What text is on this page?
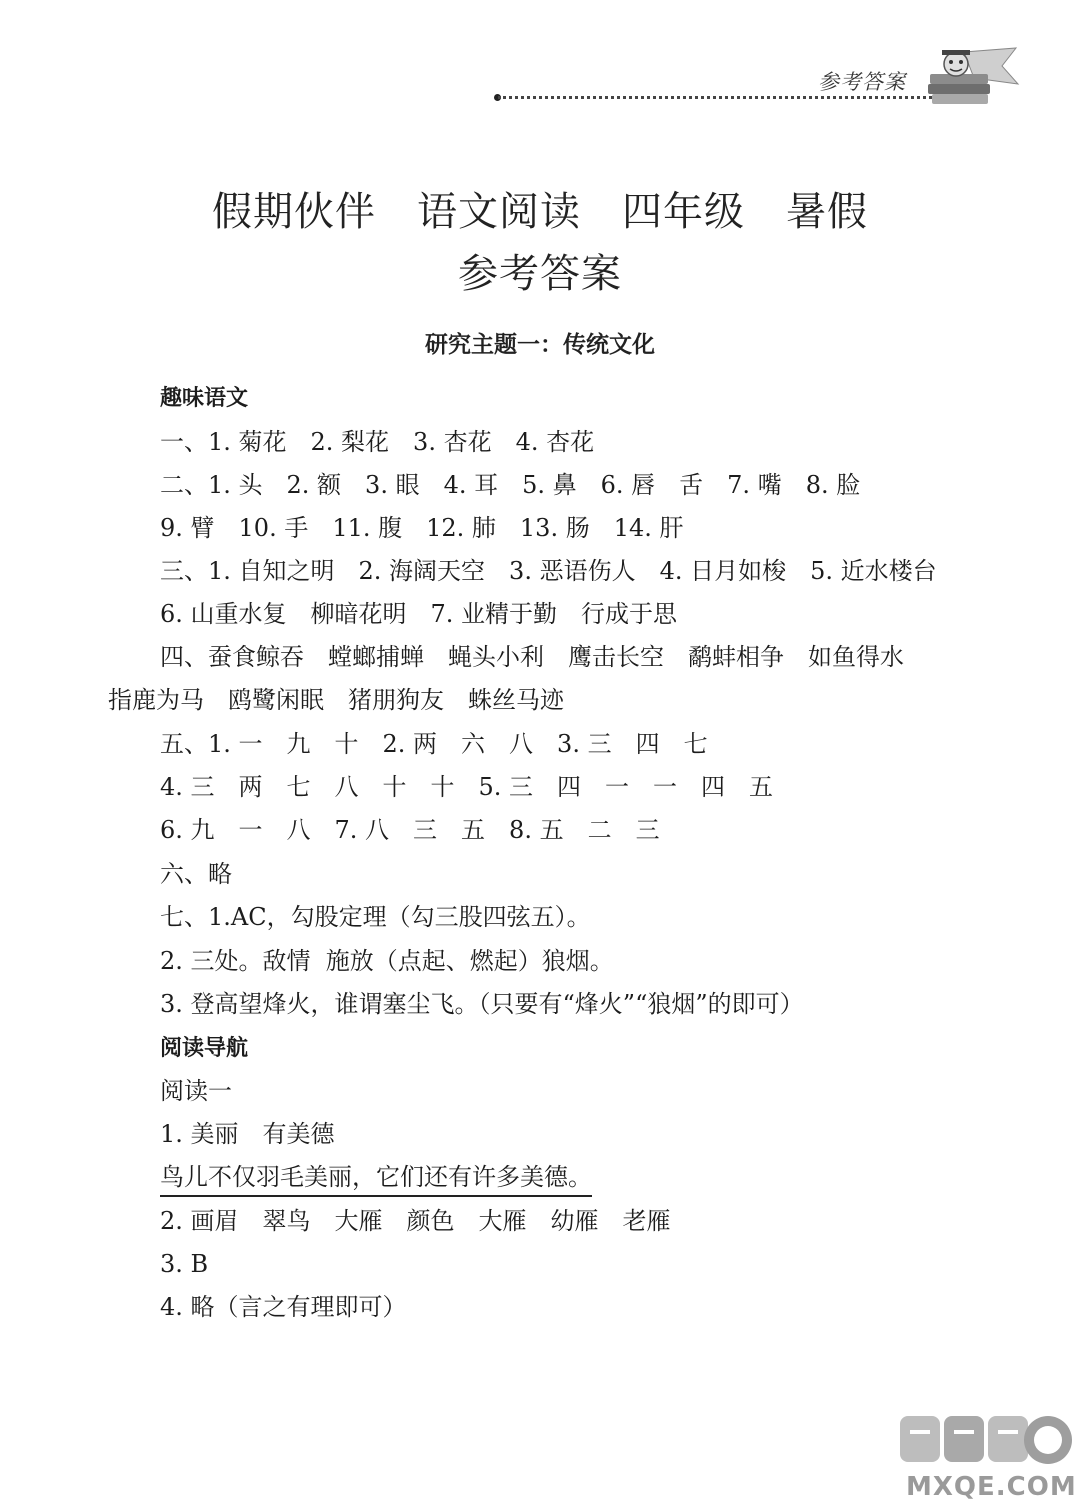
参考答案
假期伙伴　语文阅读　四年级　暑假
参考答案
研究主题一：传统文化
趣味语文
一、1. 菊花　2. 梨花　3. 杏花　4. 杏花
二、1. 头　2. 额　3. 眼　4. 耳　5. 鼻　6. 唇　舌　7. 嘴　8. 脸
9. 臂　10. 手　11. 腹　12. 肺　13. 肠　14. 肝
三、1. 自知之明　2. 海阔天空　3. 恶语伤人　4. 日月如梭　5. 近水楼台
6. 山重水复　柳暗花明　7. 业精于勤　行成于思
四、蚕食鲸吞　螳螂捕蝉　蝇头小利　鹰击长空　鹬蚌相争　如鱼得水
指鹿为马　鸥鹭闲眠　猪朋狗友　蛛丝马迹
五、1. 一　九　十　2. 两　六　八　3. 三　四　七
4. 三　两　七　八　十　十　5. 三　四　一　一　四　五
6. 九　一　八　7. 八　三　五　8. 五　二　三
六、略
七、1.AC，勾股定理（勾三股四弦五）。
2. 三处。敌情  施放（点起、燃起）狼烟。
3. 登高望烽火，谁谓塞尘飞。（只要有“烽火”“狼烟”的即可）
阅读导航
阅读一
1. 美丽　有美德
鸟儿不仅羽毛美丽，它们还有许多美德。
2. 画眉　翠鸟　大雁　颜色　大雁　幼雁　老雁
3. B
4. 略（言之有理即可）
MXQE.COM
